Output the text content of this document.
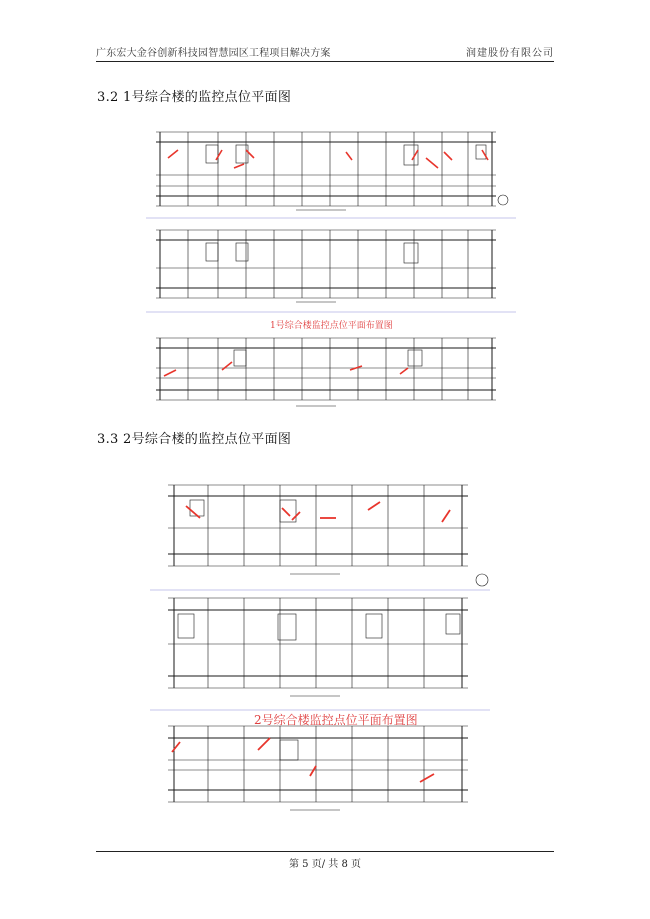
广东宏大金谷创新科技园智慧园区工程项目解决方案	润建股份有限公司
3.2 1号综合楼的监控点位平面图
1号综合楼监控点位平面布置图
3.3 2号综合楼的监控点位平面图
2号综合楼监控点位平面布置图
第 5 页/ 共 8 页
